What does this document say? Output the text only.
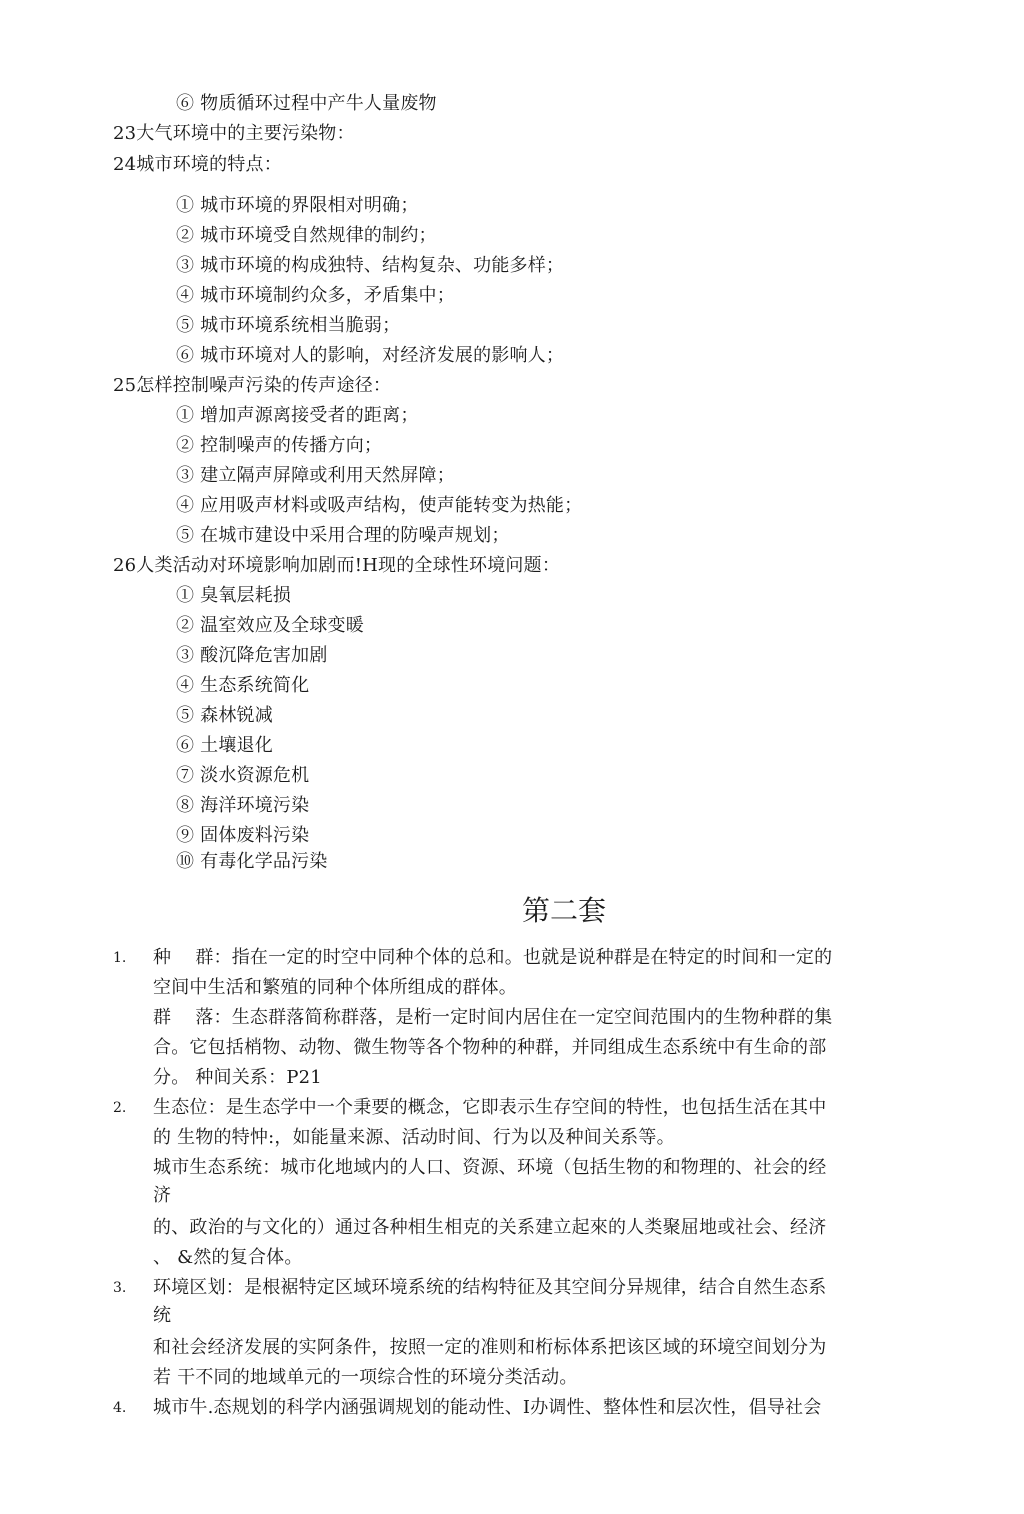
⑥ 物质循环过程中产牛人量废物
23大气环境中的主要污染物：
24城市环境的特点：
① 城市环境的界限相对明确；
② 城市环境受自然规律的制约；
③ 城市环境的构成独特、结构复杂、功能多样；
④ 城市环境制约众多，矛盾集中；
⑤ 城市环境系统相当脆弱；
⑥ 城市环境对人的影响，对经济发展的影响人；
25怎样控制噪声污染的传声途径：
① 增加声源离接受者的距离；
② 控制噪声的传播方向；
③ 建立隔声屏障或利用天然屏障；
④ 应用吸声材料或吸声结构，使声能转变为热能；
⑤ 在城市建设中采用合理的防噪声规划；
26人类活动对环境影响加剧而!H现的全球性环境问题：
① 臭氧层耗损
② 温室效应及全球变暖
③ 酸沉降危害加剧
④ 生态系统简化
⑤ 森林锐减
⑥ 土壤退化
⑦ 淡水资源危机
⑧ 海洋环境污染
⑨ 固体废料污染
⑩ 有毒化学品污染
第二套
1.
2.
3.
4.
种　 群：指在一定的时空中同种个体的总和。也就是说种群是在特定的时间和一定的
空间中生活和繁殖的同种个体所组成的群体。
群　 落：生态群落简称群落，是桁一定时间内居住在一定空间范围内的生物种群的集
合。它包括梢物、动物、微生物等各个物种的种群，并同组成生态系统中有生命的部
分。 种间关系：P21
生态位：是生态学中一个秉要的概念，它即表示生存空间的特性，也包括生活在其中
的 生物的特忡:，如能量来源、活动时间、行为以及种间关系等。
城市生态系统：城市化地域内的人口、资源、环境（包括生物的和物理的、社会的经
济
的、政治的与文化的）通过各种相生相克的关系建立起來的人类聚屈地或社会、经济
、 &然的复合体。
环境区划：是根裾特定区域环境系统的结构特征及其空间分异规律，结合自然生态系
统
和社会经济发展的实阿条件，按照一定的准则和桁标体系把该区域的环境空间划分为
若 干不同的地域单元的一项综合性的环境分类活动。
城市牛.态规划的科学内涵强调规划的能动性、I办调性、整体性和层次性，倡导社会
